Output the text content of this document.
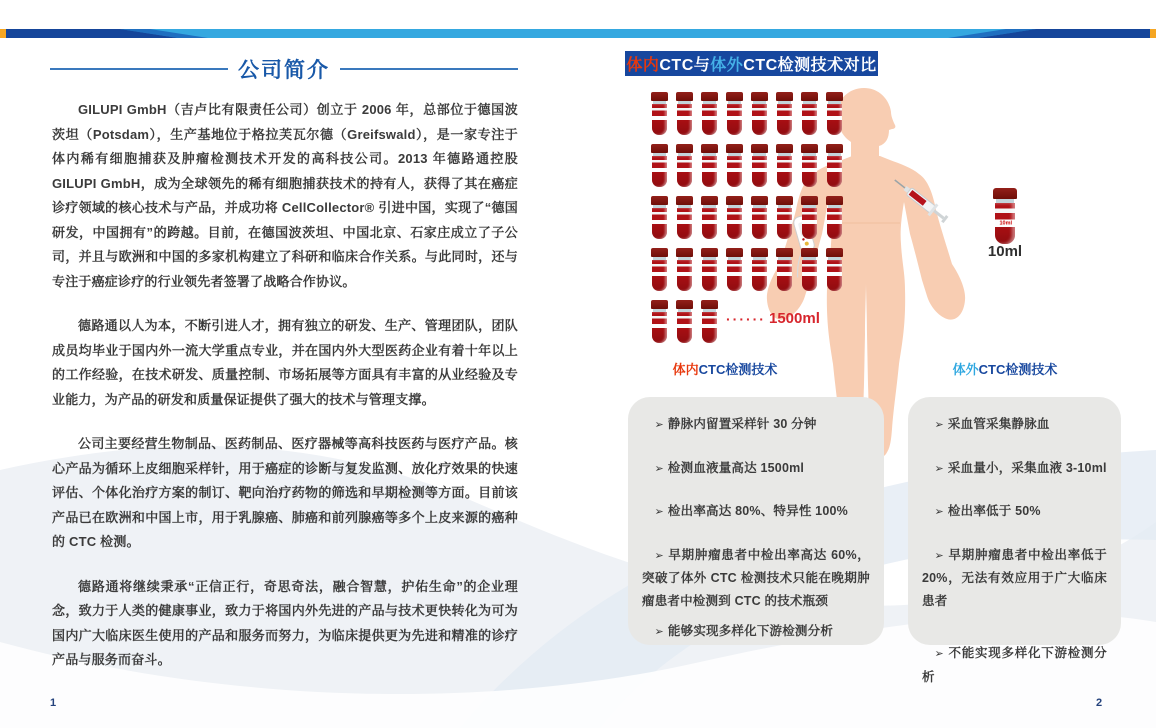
公司简介

GILUPI GmbH（吉卢比有限责任公司）创立于 2006 年，总部位于德国波茨坦（Potsdam），生产基地位于格拉芙瓦尔德（Greifswald），是一家专注于体内稀有细胞捕获及肿瘤检测技术开发的高科技公司。2013 年德路通控股 GILUPI GmbH，成为全球领先的稀有细胞捕获技术的持有人，获得了其在癌症诊疗领域的核心技术与产品，并成功将 CellCollector® 引进中国，实现了“德国研发，中国拥有”的跨越。目前，在德国波茨坦、中国北京、石家庄成立了子公司，并且与欧洲和中国的多家机构建立了科研和临床合作关系。与此同时，还与专注于癌症诊疗的行业领先者签署了战略合作协议。

德路通以人为本，不断引进人才，拥有独立的研发、生产、管理团队，团队成员均毕业于国内外一流大学重点专业，并在国内外大型医药企业有着十年以上的工作经验，在技术研发、质量控制、市场拓展等方面具有丰富的从业经验及专业能力，为产品的研发和质量保证提供了强大的技术与管理支撑。

公司主要经营生物制品、医药制品、医疗器械等高科技医药与医疗产品。核心产品为循环上皮细胞采样针，用于癌症的诊断与复发监测、放化疗效果的快速评估、个体化治疗方案的制订、靶向治疗药物的筛选和早期检测等方面。目前该产品已在欧洲和中国上市，用于乳腺癌、肺癌和前列腺癌等多个上皮来源的癌种的 CTC 检测。

德路通将继续秉承“正信正行，奇思奇法，融合智慧，护佑生命”的企业理念，致力于人类的健康事业，致力于将国内外先进的产品与技术更快转化为可为国内广大临床医生使用的产品和服务而努力，为临床提供更为先进和精准的诊疗产品与服务而奋斗。

1
体内 CTC与 体外 CTC检测技术对比
······ 1500ml
10ml
10ml
体内CTC检测技术	体外CTC检测技术

➢ 静脉内留置采样针 30 分钟

➢ 检测血液量高达 1500ml

➢ 检出率高达 80%、特异性 100%

➢ 早期肿瘤患者中检出率高达 60%，突破了体外 CTC 检测技术只能在晚期肿瘤患者中检测到 CTC 的技术瓶颈

➢ 能够实现多样化下游检测分析

➢ 采血管采集静脉血

➢ 采血量小，采集血液 3-10ml

➢ 检出率低于 50%

➢ 早期肿瘤患者中检出率低于 20%，无法有效应用于广大临床患者

➢ 不能实现多样化下游检测分析

2
